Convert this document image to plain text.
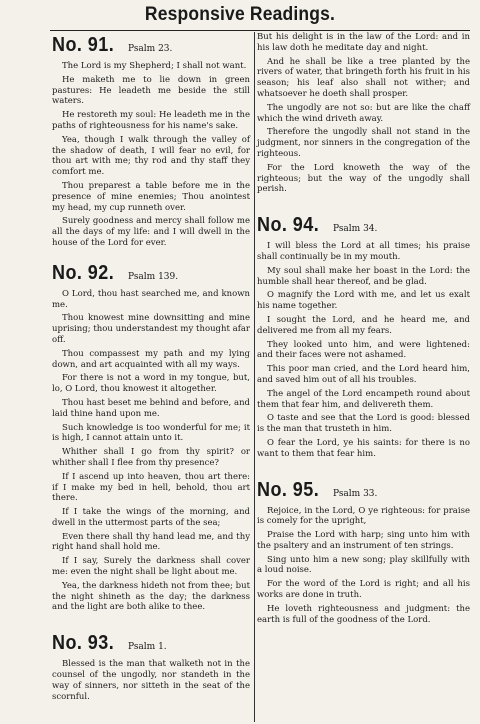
Responsive Readings.
No. 91.	Psalm 23.

The Lord is my Shepherd; I shall not want.

He maketh me to lie down in green pastures: He leadeth me beside the still waters.

He restoreth my soul: He leadeth me in the paths of righteousness for his name's sake.

Yea, though I walk through the valley of the shadow of death, I will fear no evil, for thou art with me; thy rod and thy staff they comfort me.

Thou preparest a table before me in the presence of mine enemies; Thou anointest my head, my cup runneth over.

Surely goodness and mercy shall follow me all the days of my life: and I will dwell in the house of the Lord for ever.

No. 92.	Psalm 139.

O Lord, thou hast searched me, and known me.

Thou knowest mine downsitting and mine uprising; thou understandest my thought afar off.

Thou compassest my path and my lying down, and art acquainted with all my ways.

For there is not a word in my tongue, but, lo, O Lord, thou knowest it altogether.

Thou hast beset me behind and before, and laid thine hand upon me.

Such knowledge is too wonderful for me; it is high, I cannot attain unto it.

Whither shall I go from thy spirit? or whither shall I flee from thy presence?

If I ascend up into heaven, thou art there: if I make my bed in hell, behold, thou art there.

If I take the wings of the morning, and dwell in the uttermost parts of the sea;

Even there shall thy hand lead me, and thy right hand shall hold me.

If I say, Surely the darkness shall cover me: even the night shall be light about me.

Yea, the darkness hideth not from thee; but the night shineth as the day; the darkness and the light are both alike to thee.

No. 93.	Psalm 1.

Blessed is the man that walketh not in the counsel of the ungodly, nor standeth in the way of sinners, nor sitteth in the seat of the scornful.

But his delight is in the law of the Lord: and in his law doth he meditate day and night.

And he shall be like a tree planted by the rivers of water, that bringeth forth his fruit in his season; his leaf also shall not wither; and whatsoever he doeth shall prosper.

The ungodly are not so: but are like the chaff which the wind driveth away.

Therefore the ungodly shall not stand in the judgment, nor sinners in the congregation of the righteous.

For the Lord knoweth the way of the righteous; but the way of the ungodly shall perish.

No. 94.	Psalm 34.

I will bless the Lord at all times; his praise shall continually be in my mouth.

My soul shall make her boast in the Lord: the humble shall hear thereof, and be glad.

O magnify the Lord with me, and let us exalt his name together.

I sought the Lord, and he heard me, and delivered me from all my fears.

They looked unto him, and were lightened: and their faces were not ashamed.

This poor man cried, and the Lord heard him, and saved him out of all his troubles.

The angel of the Lord encampeth round about them that fear him, and delivereth them.

O taste and see that the Lord is good: blessed is the man that trusteth in him.

O fear the Lord, ye his saints: for there is no want to them that fear him.

No. 95.	Psalm 33.

Rejoice, in the Lord, O ye righteous: for praise is comely for the upright,

Praise the Lord with harp; sing unto him with the psaltery and an instrument of ten strings.

Sing unto him a new song; play skillfully with a loud noise.

For the word of the Lord is right; and all his works are done in truth.

He loveth righteousness and judgment: the earth is full of the goodness of the Lord.
